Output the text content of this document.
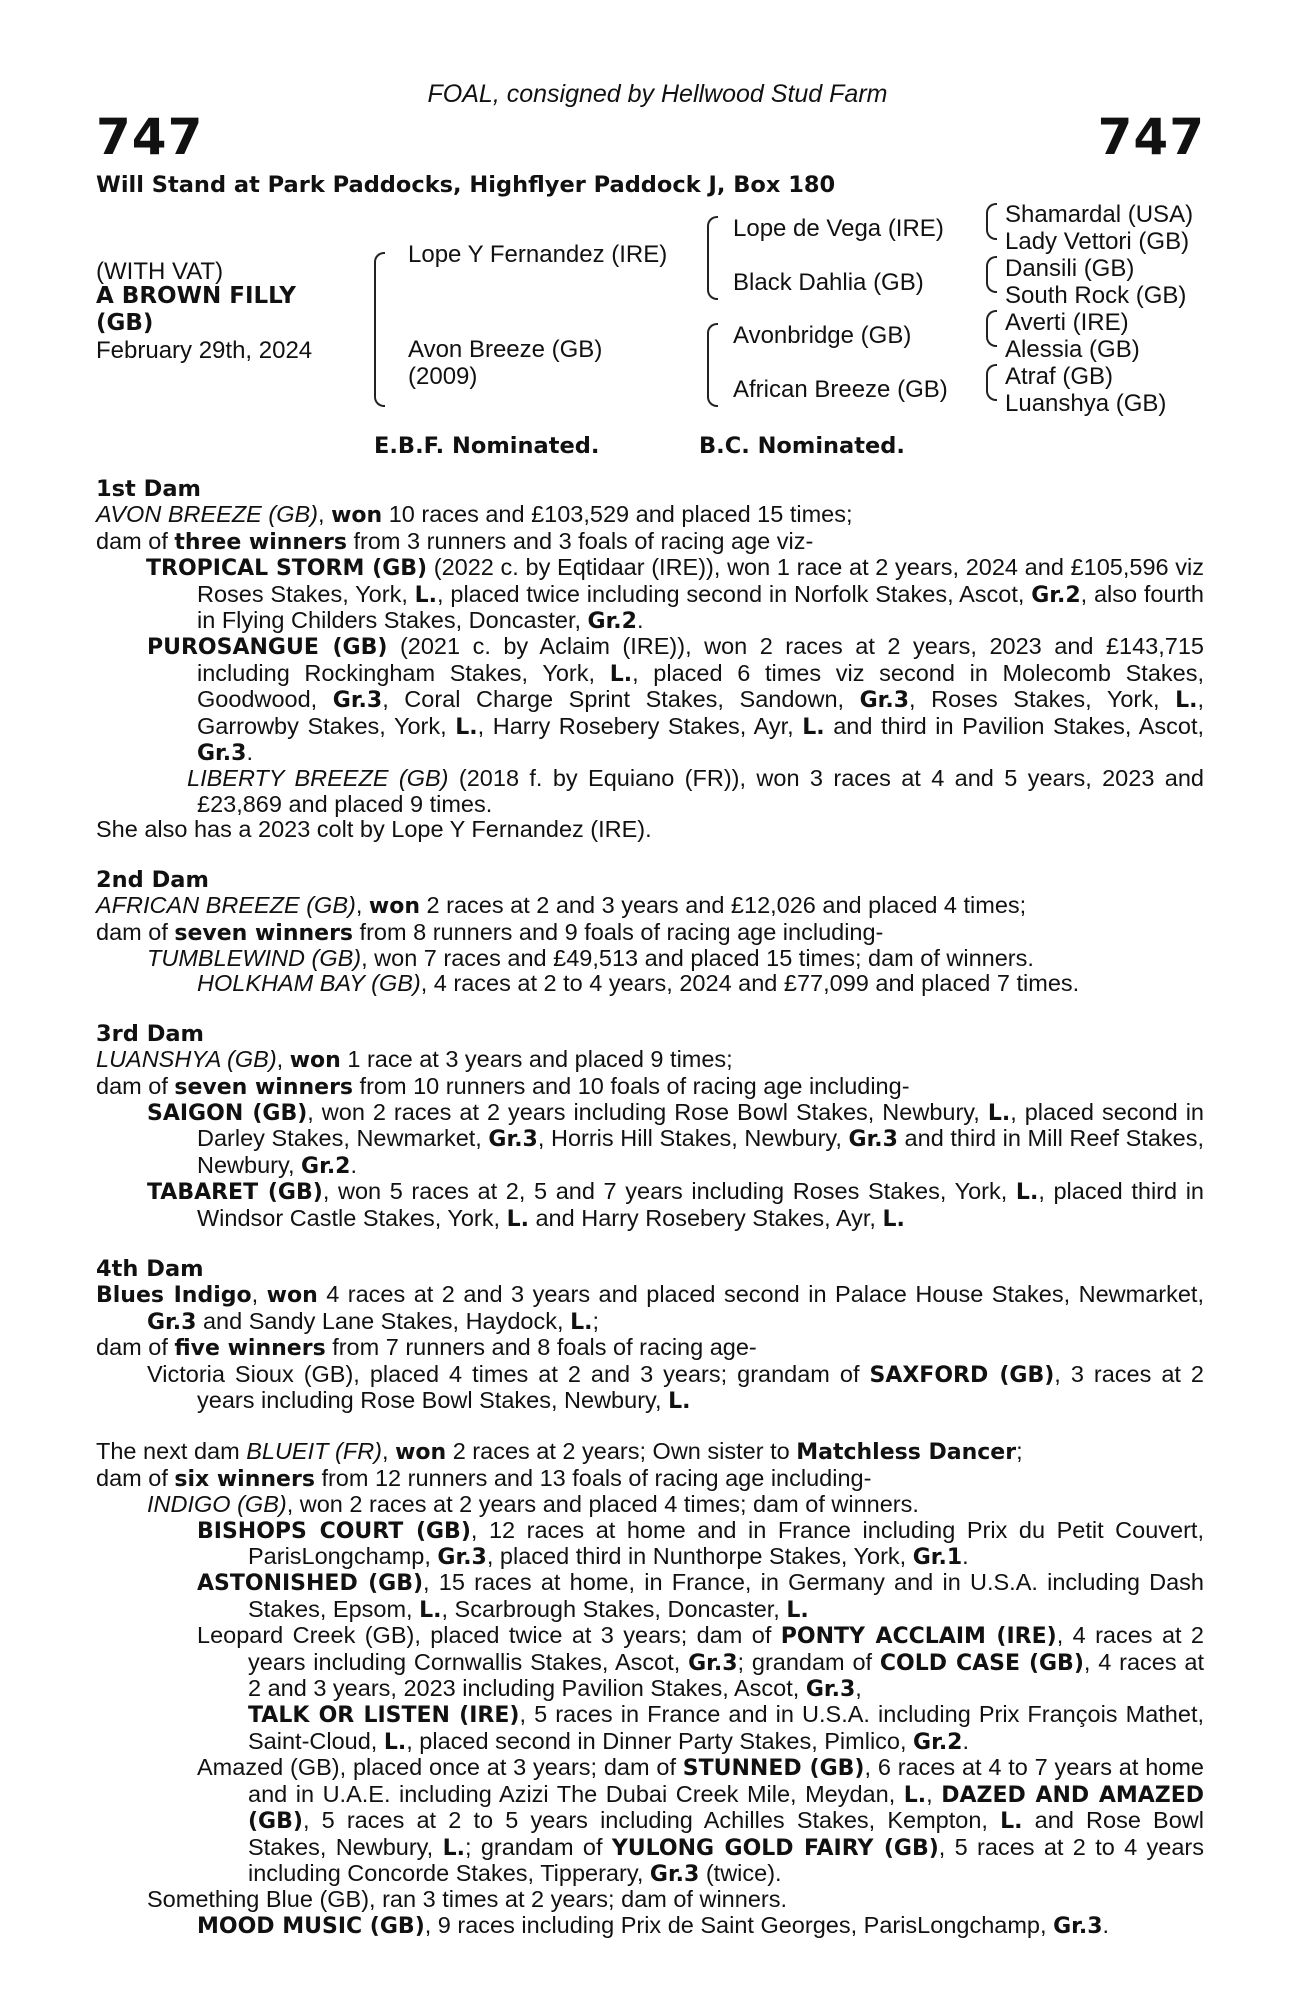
FOAL, consigned by Hellwood Stud Farm
747	747
Will Stand at Park Paddocks, Highflyer Paddock J, Box 180
(WITH VAT)
A BROWN FILLY
(GB)
February 29th, 2024
Lope Y Fernandez (IRE)
Avon Breeze (GB)
(2009)
Lope de Vega (IRE)
Black Dahlia (GB)
Avonbridge (GB)
African Breeze (GB)
Shamardal (USA)
Lady Vettori (GB)
Dansili (GB)
South Rock (GB)
Averti (IRE)
Alessia (GB)
Atraf (GB)
Luanshya (GB)
E.B.F. Nominated.	B.C. Nominated.

1st Dam

AVON BREEZE (GB), won 10 races and £103,529 and placed 15 times;

dam of three winners from 3 runners and 3 foals of racing age viz-

TROPICAL STORM (GB) (2022 c. by Eqtidaar (IRE)), won 1 race at 2 years, 2024 and £105,596 viz Roses Stakes, York, L., placed twice including second in Norfolk Stakes, Ascot, Gr.2, also fourth in Flying Childers Stakes, Doncaster, Gr.2.

PUROSANGUE (GB) (2021 c. by Aclaim (IRE)), won 2 races at 2 years, 2023 and £143,715 including Rockingham Stakes, York, L., placed 6 times viz second in Molecomb Stakes, Goodwood, Gr.3, Coral Charge Sprint Stakes, Sandown, Gr.3, Roses Stakes, York, L., Garrowby Stakes, York, L., Harry Rosebery Stakes, Ayr, L. and third in Pavilion Stakes, Ascot, Gr.3.

LIBERTY BREEZE (GB) (2018 f. by Equiano (FR)), won 3 races at 4 and 5 years, 2023 and £23,869 and placed 9 times.

She also has a 2023 colt by Lope Y Fernandez (IRE).

2nd Dam

AFRICAN BREEZE (GB), won 2 races at 2 and 3 years and £12,026 and placed 4 times;

dam of seven winners from 8 runners and 9 foals of racing age including-

TUMBLEWIND (GB), won 7 races and £49,513 and placed 15 times; dam of winners.

HOLKHAM BAY (GB), 4 races at 2 to 4 years, 2024 and £77,099 and placed 7 times.

3rd Dam

LUANSHYA (GB), won 1 race at 3 years and placed 9 times;

dam of seven winners from 10 runners and 10 foals of racing age including-

SAIGON (GB), won 2 races at 2 years including Rose Bowl Stakes, Newbury, L., placed second in Darley Stakes, Newmarket, Gr.3, Horris Hill Stakes, Newbury, Gr.3 and third in Mill Reef Stakes, Newbury, Gr.2.

TABARET (GB), won 5 races at 2, 5 and 7 years including Roses Stakes, York, L., placed third in Windsor Castle Stakes, York, L. and Harry Rosebery Stakes, Ayr, L.

4th Dam

Blues Indigo, won 4 races at 2 and 3 years and placed second in Palace House Stakes, Newmarket, Gr.3 and Sandy Lane Stakes, Haydock, L.;

dam of five winners from 7 runners and 8 foals of racing age-

Victoria Sioux (GB), placed 4 times at 2 and 3 years; grandam of SAXFORD (GB), 3 races at 2 years including Rose Bowl Stakes, Newbury, L.

The next dam BLUEIT (FR), won 2 races at 2 years; Own sister to Matchless Dancer;

dam of six winners from 12 runners and 13 foals of racing age including-

INDIGO (GB), won 2 races at 2 years and placed 4 times; dam of winners.

BISHOPS COURT (GB), 12 races at home and in France including Prix du Petit Couvert, ParisLongchamp, Gr.3, placed third in Nunthorpe Stakes, York, Gr.1.

ASTONISHED (GB), 15 races at home, in France, in Germany and in U.S.A. including Dash Stakes, Epsom, L., Scarbrough Stakes, Doncaster, L.

Leopard Creek (GB), placed twice at 3 years; dam of PONTY ACCLAIM (IRE), 4 races at 2 years including Cornwallis Stakes, Ascot, Gr.3; grandam of COLD CASE (GB), 4 races at 2 and 3 years, 2023 including Pavilion Stakes, Ascot, Gr.3,

TALK OR LISTEN (IRE), 5 races in France and in U.S.A. including Prix François Mathet, Saint-Cloud, L., placed second in Dinner Party Stakes, Pimlico, Gr.2.

Amazed (GB), placed once at 3 years; dam of STUNNED (GB), 6 races at 4 to 7 years at home and in U.A.E. including Azizi The Dubai Creek Mile, Meydan, L., DAZED AND AMAZED (GB), 5 races at 2 to 5 years including Achilles Stakes, Kempton, L. and Rose Bowl Stakes, Newbury, L.; grandam of YULONG GOLD FAIRY (GB), 5 races at 2 to 4 years including Concorde Stakes, Tipperary, Gr.3 (twice).

Something Blue (GB), ran 3 times at 2 years; dam of winners.

MOOD MUSIC (GB), 9 races including Prix de Saint Georges, ParisLongchamp, Gr.3.
